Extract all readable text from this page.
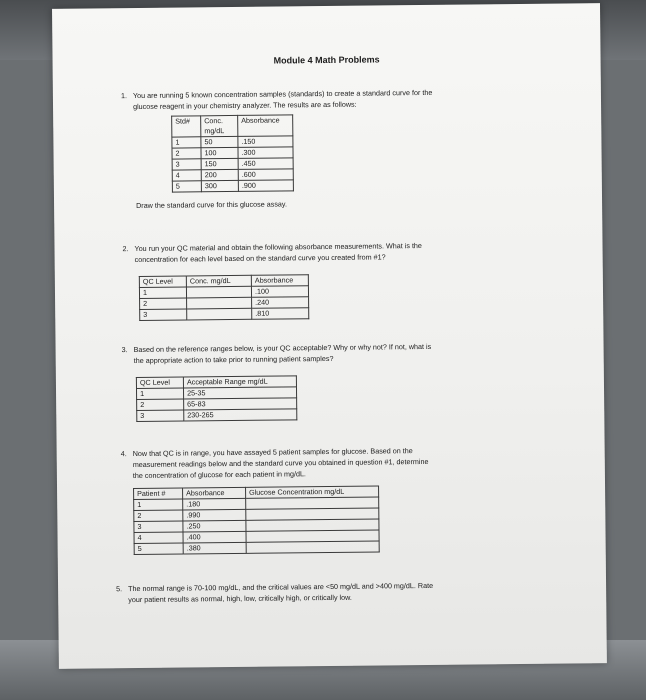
Module 4 Math Problems
1. You are running 5 known concentration samples (standards) to create a standard curve for the

glucose reagent in your chemistry analyzer. The results are as follows:

Std#	Conc. mg/dL	Absorbance
1	50	.150
2	100	.300
3	150	.450
4	200	.600
5	300	.900
Draw the standard curve for this glucose assay.
2. You run your QC material and obtain the following absorbance measurements. What is the

concentration for each level based on the standard curve you created from #1?

QC Level	Conc. mg/dL	Absorbance
1		.100
2		.240
3		.810
3. Based on the reference ranges below, is your QC acceptable? Why or why not? If not, what is

the appropriate action to take prior to running patient samples?

QC Level	Acceptable Range mg/dL
1	25-35
2	65-83
3	230-265
4. Now that QC is in range, you have assayed 5 patient samples for glucose. Based on the

measurement readings below and the standard curve you obtained in question #1, determine

the concentration of glucose for each patient in mg/dL.

Patient #	Absorbance	Glucose Concentration mg/dL
1	.180	
2	.990	
3	.250	
4	.400	
5	.380	
5. The normal range is 70-100 mg/dL, and the critical values are <50 mg/dL and >400 mg/dL. Rate

your patient results as normal, high, low, critically high, or critically low.
